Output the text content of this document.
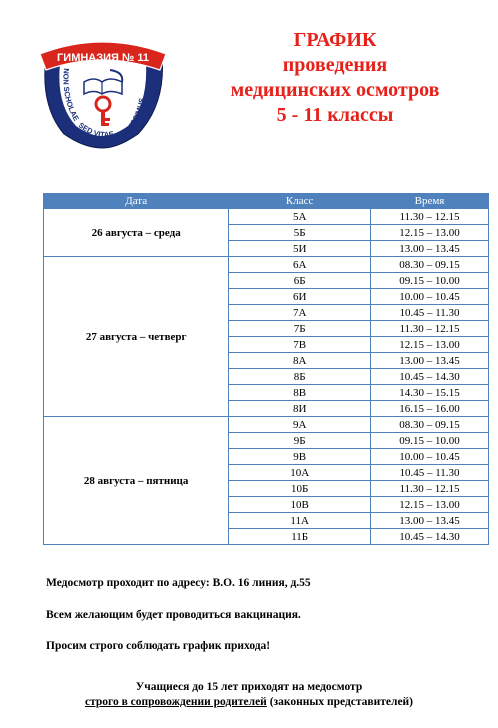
ГИМНАЗИЯ № 11
NON SCHOLAE
SED VITAE
DISCIMUS
ГРАФИК
проведения
медицинских осмотров
5 - 11 классы
Дата	Класс	Время
26 августа – среда	5А	11.30 – 12.15
	5Б	12.15 – 13.00
	5И	13.00 – 13.45
27 августа – четверг	6А	08.30 – 09.15
	6Б	09.15 – 10.00
	6И	10.00 – 10.45
	7А	10.45 – 11.30
	7Б	11.30 – 12.15
	7В	12.15 – 13.00
	8А	13.00 – 13.45
	8Б	10.45 – 14.30
	8В	14.30 – 15.15
	8И	16.15 – 16.00
28 августа – пятница	9А	08.30 – 09.15
	9Б	09.15 – 10.00
	9В	10.00 – 10.45
	10А	10.45 – 11.30
	10Б	11.30 – 12.15
	10В	12.15 – 13.00
	11А	13.00 – 13.45
	11Б	10.45 – 14.30
Медосмотр проходит по адресу: В.О. 16 линия, д.55
Всем желающим будет проводиться вакцинация.
Просим строго соблюдать график прихода!
Учащиеся до 15 лет приходят на медосмотр
строго в сопровождении родителей (законных представителей)
